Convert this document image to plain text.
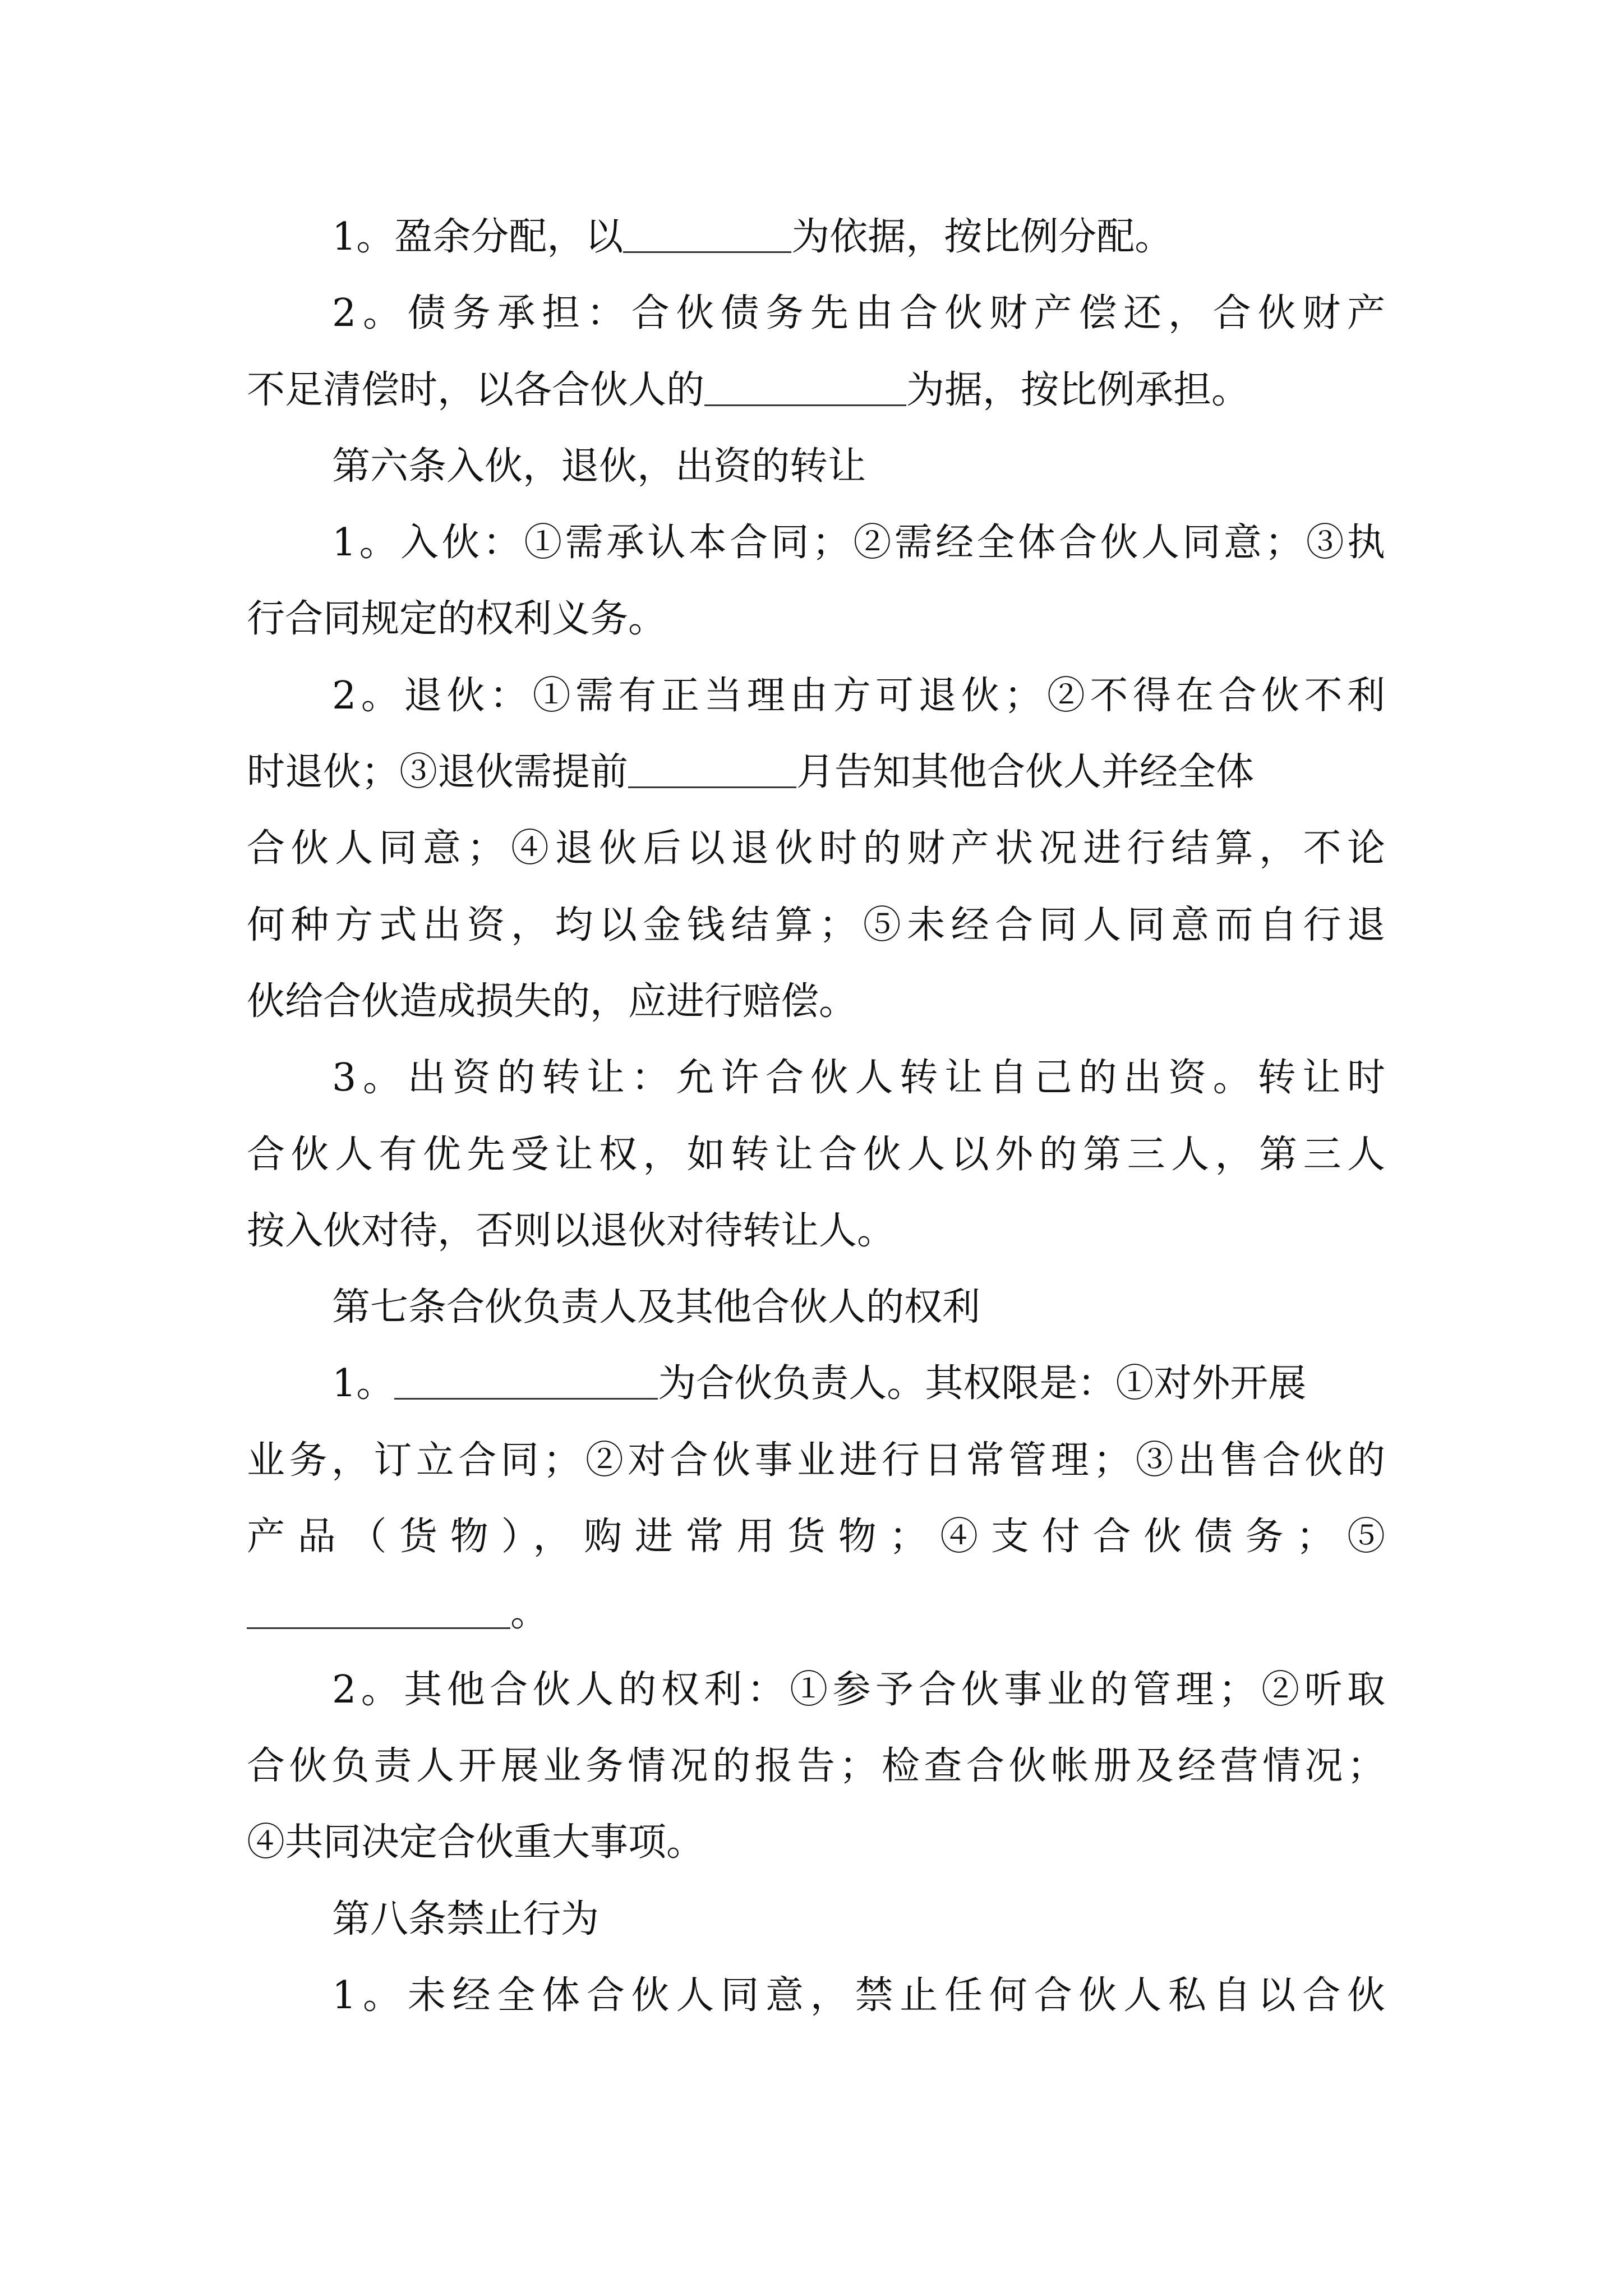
1。盈余分配，以	为依据，按比例分配。
2。债务承担：合伙债务先由合伙财产偿还，合伙财产
不足清偿时，以各合伙人的	为据，按比例承担。
第六条入伙，退伙，出资的转让
1。入伙：①需承认本合同；②需经全体合伙人同意；③执
行合同规定的权利义务。
2。退伙：①需有正当理由方可退伙；②不得在合伙不利
时退伙；③退伙需提前	月告知其他合伙人并经全体
合伙人同意；④退伙后以退伙时的财产状况进行结算，不论
何种方式出资，均以金钱结算；⑤未经合同人同意而自行退
伙给合伙造成损失的，应进行赔偿。
3。出资的转让：允许合伙人转让自己的出资。转让时
合伙人有优先受让权，如转让合伙人以外的第三人，第三人
按入伙对待，否则以退伙对待转让人。
第七条合伙负责人及其他合伙人的权利
1。	为合伙负责人。其权限是：①对外开展
业务，订立合同；②对合伙事业进行日常管理；③出售合伙的
产品（货物），购进常用货物；④支付合伙债务；⑤
。
2。其他合伙人的权利：①参予合伙事业的管理；②听取
合伙负责人开展业务情况的报告；检查合伙帐册及经营情况；
④共同决定合伙重大事项。
第八条禁止行为
1。未经全体合伙人同意，禁止任何合伙人私自以合伙
